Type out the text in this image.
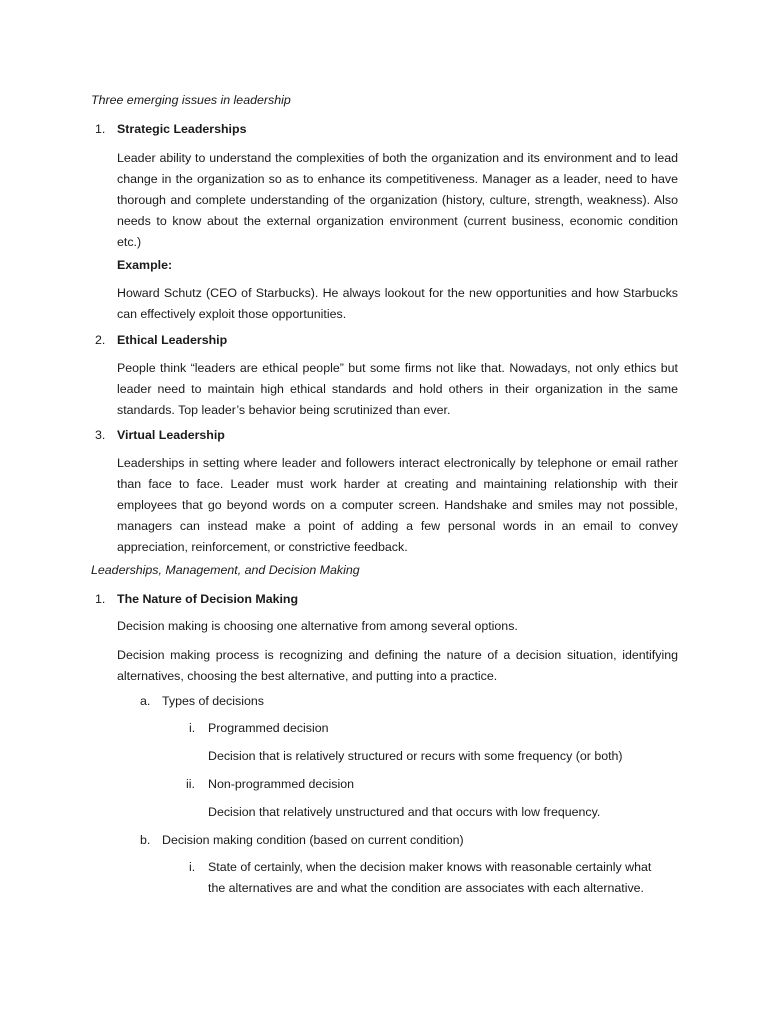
Three emerging issues in leadership
1. Strategic Leaderships
Leader ability to understand the complexities of both the organization and its environment and to lead change in the organization so as to enhance its competitiveness. Manager as a leader, need to have thorough and complete understanding of the organization (history, culture, strength, weakness). Also needs to know about the external organization environment (current business, economic condition etc.)
Example:
Howard Schutz (CEO of Starbucks). He always lookout for the new opportunities and how Starbucks can effectively exploit those opportunities.
2. Ethical Leadership
People think “leaders are ethical people” but some firms not like that. Nowadays, not only ethics but leader need to maintain high ethical standards and hold others in their organization in the same standards. Top leader’s behavior being scrutinized than ever.
3. Virtual Leadership
Leaderships in setting where leader and followers interact electronically by telephone or email rather than face to face. Leader must work harder at creating and maintaining relationship with their employees that go beyond words on a computer screen. Handshake and smiles may not possible, managers can instead make a point of adding a few personal words in an email to convey appreciation, reinforcement, or constrictive feedback.
Leaderships, Management, and Decision Making
1. The Nature of Decision Making
Decision making is choosing one alternative from among several options.
Decision making process is recognizing and defining the nature of a decision situation, identifying alternatives, choosing the best alternative, and putting into a practice.
a. Types of decisions
i. Programmed decision
Decision that is relatively structured or recurs with some frequency (or both)
ii. Non-programmed decision
Decision that relatively unstructured and that occurs with low frequency.
b. Decision making condition (based on current condition)
i. State of certainly, when the decision maker knows with reasonable certainly what
the alternatives are and what the condition are associates with each alternative.
